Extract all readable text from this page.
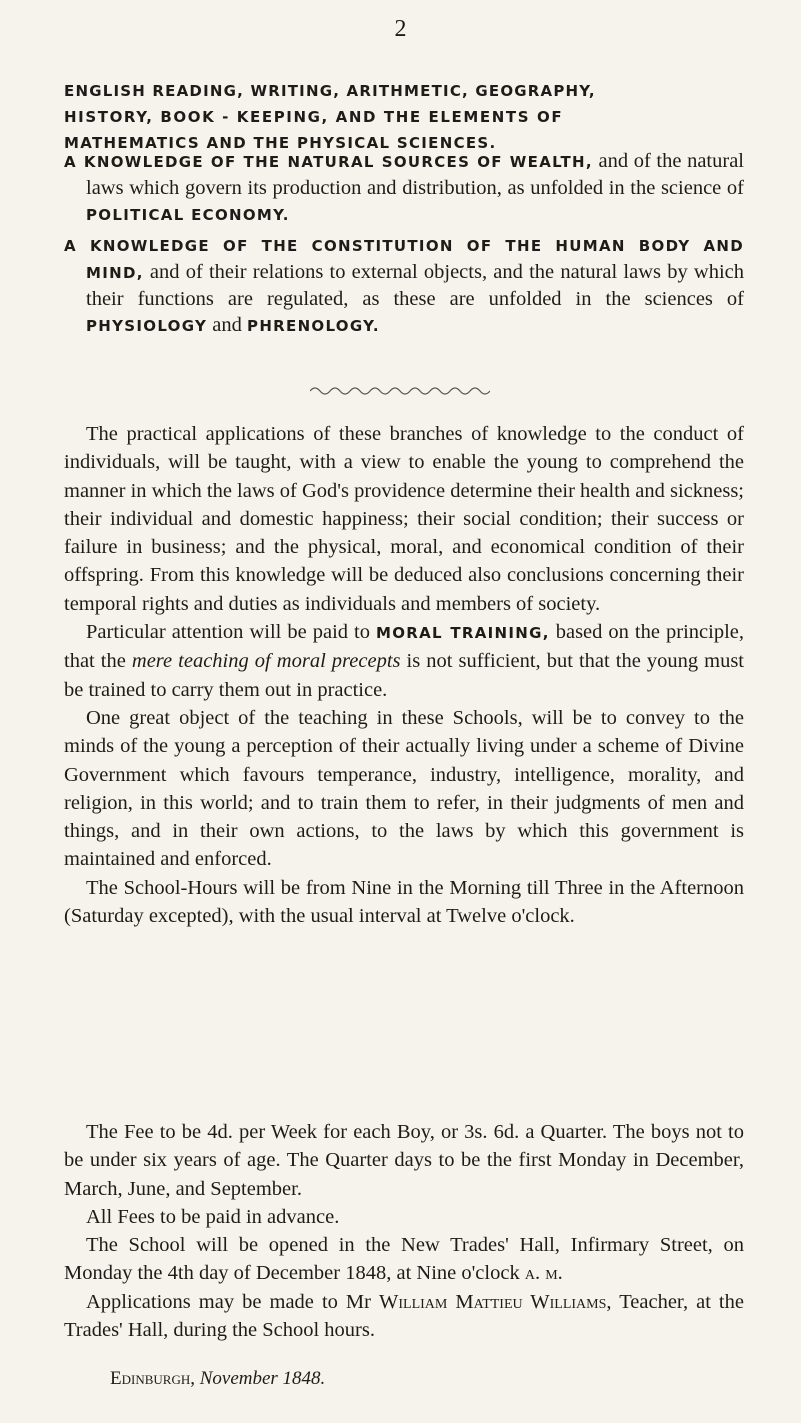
2
ENGLISH READING, WRITING, ARITHMETIC, GEOGRAPHY,
HISTORY, BOOK - KEEPING, AND THE ELEMENTS OF
MATHEMATICS AND THE PHYSICAL SCIENCES.

A KNOWLEDGE OF THE NATURAL SOURCES OF WEALTH, and of the natural laws which govern its production and distribution, as unfolded in the science of POLITICAL ECONOMY.

A KNOWLEDGE OF THE CONSTITUTION OF THE HUMAN BODY AND MIND, and of their relations to external objects, and the natural laws by which their functions are regulated, as these are unfolded in the sciences of PHYSIOLOGY and PHRENOLOGY.

The practical applications of these branches of knowledge to the conduct of individuals, will be taught, with a view to enable the young to comprehend the manner in which the laws of God's providence determine their health and sickness; their individual and domestic happiness; their social condition; their success or failure in business; and the physical, moral, and economical condition of their offspring. From this knowledge will be deduced also conclusions concerning their temporal rights and duties as individuals and members of society.

Particular attention will be paid to MORAL TRAINING, based on the principle, that the mere teaching of moral precepts is not sufficient, but that the young must be trained to carry them out in practice.

One great object of the teaching in these Schools, will be to convey to the minds of the young a perception of their actually living under a scheme of Divine Government which favours temperance, industry, intelligence, morality, and religion, in this world; and to train them to refer, in their judgments of men and things, and in their own actions, to the laws by which this government is maintained and enforced.

The School-Hours will be from Nine in the Morning till Three in the Afternoon (Saturday excepted), with the usual interval at Twelve o'clock.

The Fee to be 4d. per Week for each Boy, or 3s. 6d. a Quarter. The boys not to be under six years of age. The Quarter days to be the first Monday in December, March, June, and September.

All Fees to be paid in advance.

The School will be opened in the New Trades' Hall, Infirmary Street, on Monday the 4th day of December 1848, at Nine o'clock a. m.

Applications may be made to Mr William Mattieu Williams, Teacher, at the Trades' Hall, during the School hours.

Edinburgh, November 1848.
